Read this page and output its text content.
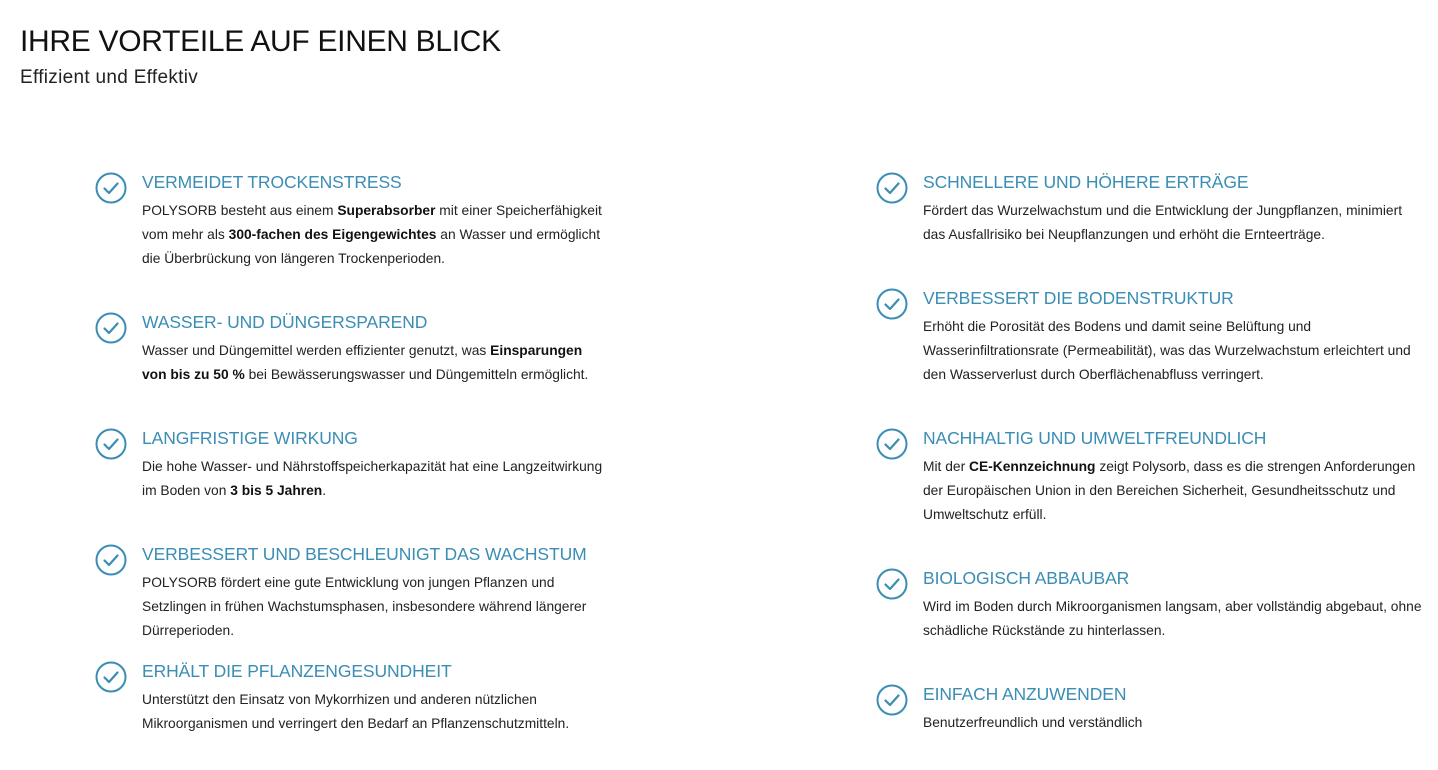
IHRE VORTEILE AUF EINEN BLICK

Effizient und Effektiv

VERMEIDET TROCKENSTRESS

POLYSORB besteht aus einem Superabsorber mit einer Speicherfähigkeit vom mehr als 300-fachen des Eigengewichtes an Wasser und ermöglicht die Überbrückung von längeren Trockenperioden.

WASSER- UND DÜNGERSPAREND

Wasser und Düngemittel werden effizienter genutzt, was Einsparungen von bis zu 50 % bei Bewässerungswasser und Düngemitteln ermöglicht.

LANGFRISTIGE WIRKUNG

Die hohe Wasser- und Nährstoffspeicherkapazität hat eine Langzeitwirkung im Boden von 3 bis 5 Jahren.

VERBESSERT UND BESCHLEUNIGT DAS WACHSTUM

POLYSORB fördert eine gute Entwicklung von jungen Pflanzen und Setzlingen in frühen Wachstumsphasen, insbesondere während längerer Dürreperioden.

ERHÄLT DIE PFLANZENGESUNDHEIT

Unterstützt den Einsatz von Mykorrhizen und anderen nützlichen Mikroorganismen und verringert den Bedarf an Pflanzenschutzmitteln.

SCHNELLERE UND HÖHERE ERTRÄGE

Fördert das Wurzelwachstum und die Entwicklung der Jungpflanzen, minimiert das Ausfallrisiko bei Neupflanzungen und erhöht die Ernteerträge.

VERBESSERT DIE BODENSTRUKTUR

Erhöht die Porosität des Bodens und damit seine Belüftung und Wasserinfiltrationsrate (Permeabilität), was das Wurzelwachstum erleichtert und den Wasserverlust durch Oberflächenabfluss verringert.

NACHHALTIG UND UMWELTFREUNDLICH

Mit der CE-Kennzeichnung zeigt Polysorb, dass es die strengen Anforderungen der Europäischen Union in den Bereichen Sicherheit, Gesundheitsschutz und Umweltschutz erfüll.

BIOLOGISCH ABBAUBAR

Wird im Boden durch Mikroorganismen langsam, aber vollständig abgebaut, ohne schädliche Rückstände zu hinterlassen.

EINFACH ANZUWENDEN

Benutzerfreundlich und verständlich
